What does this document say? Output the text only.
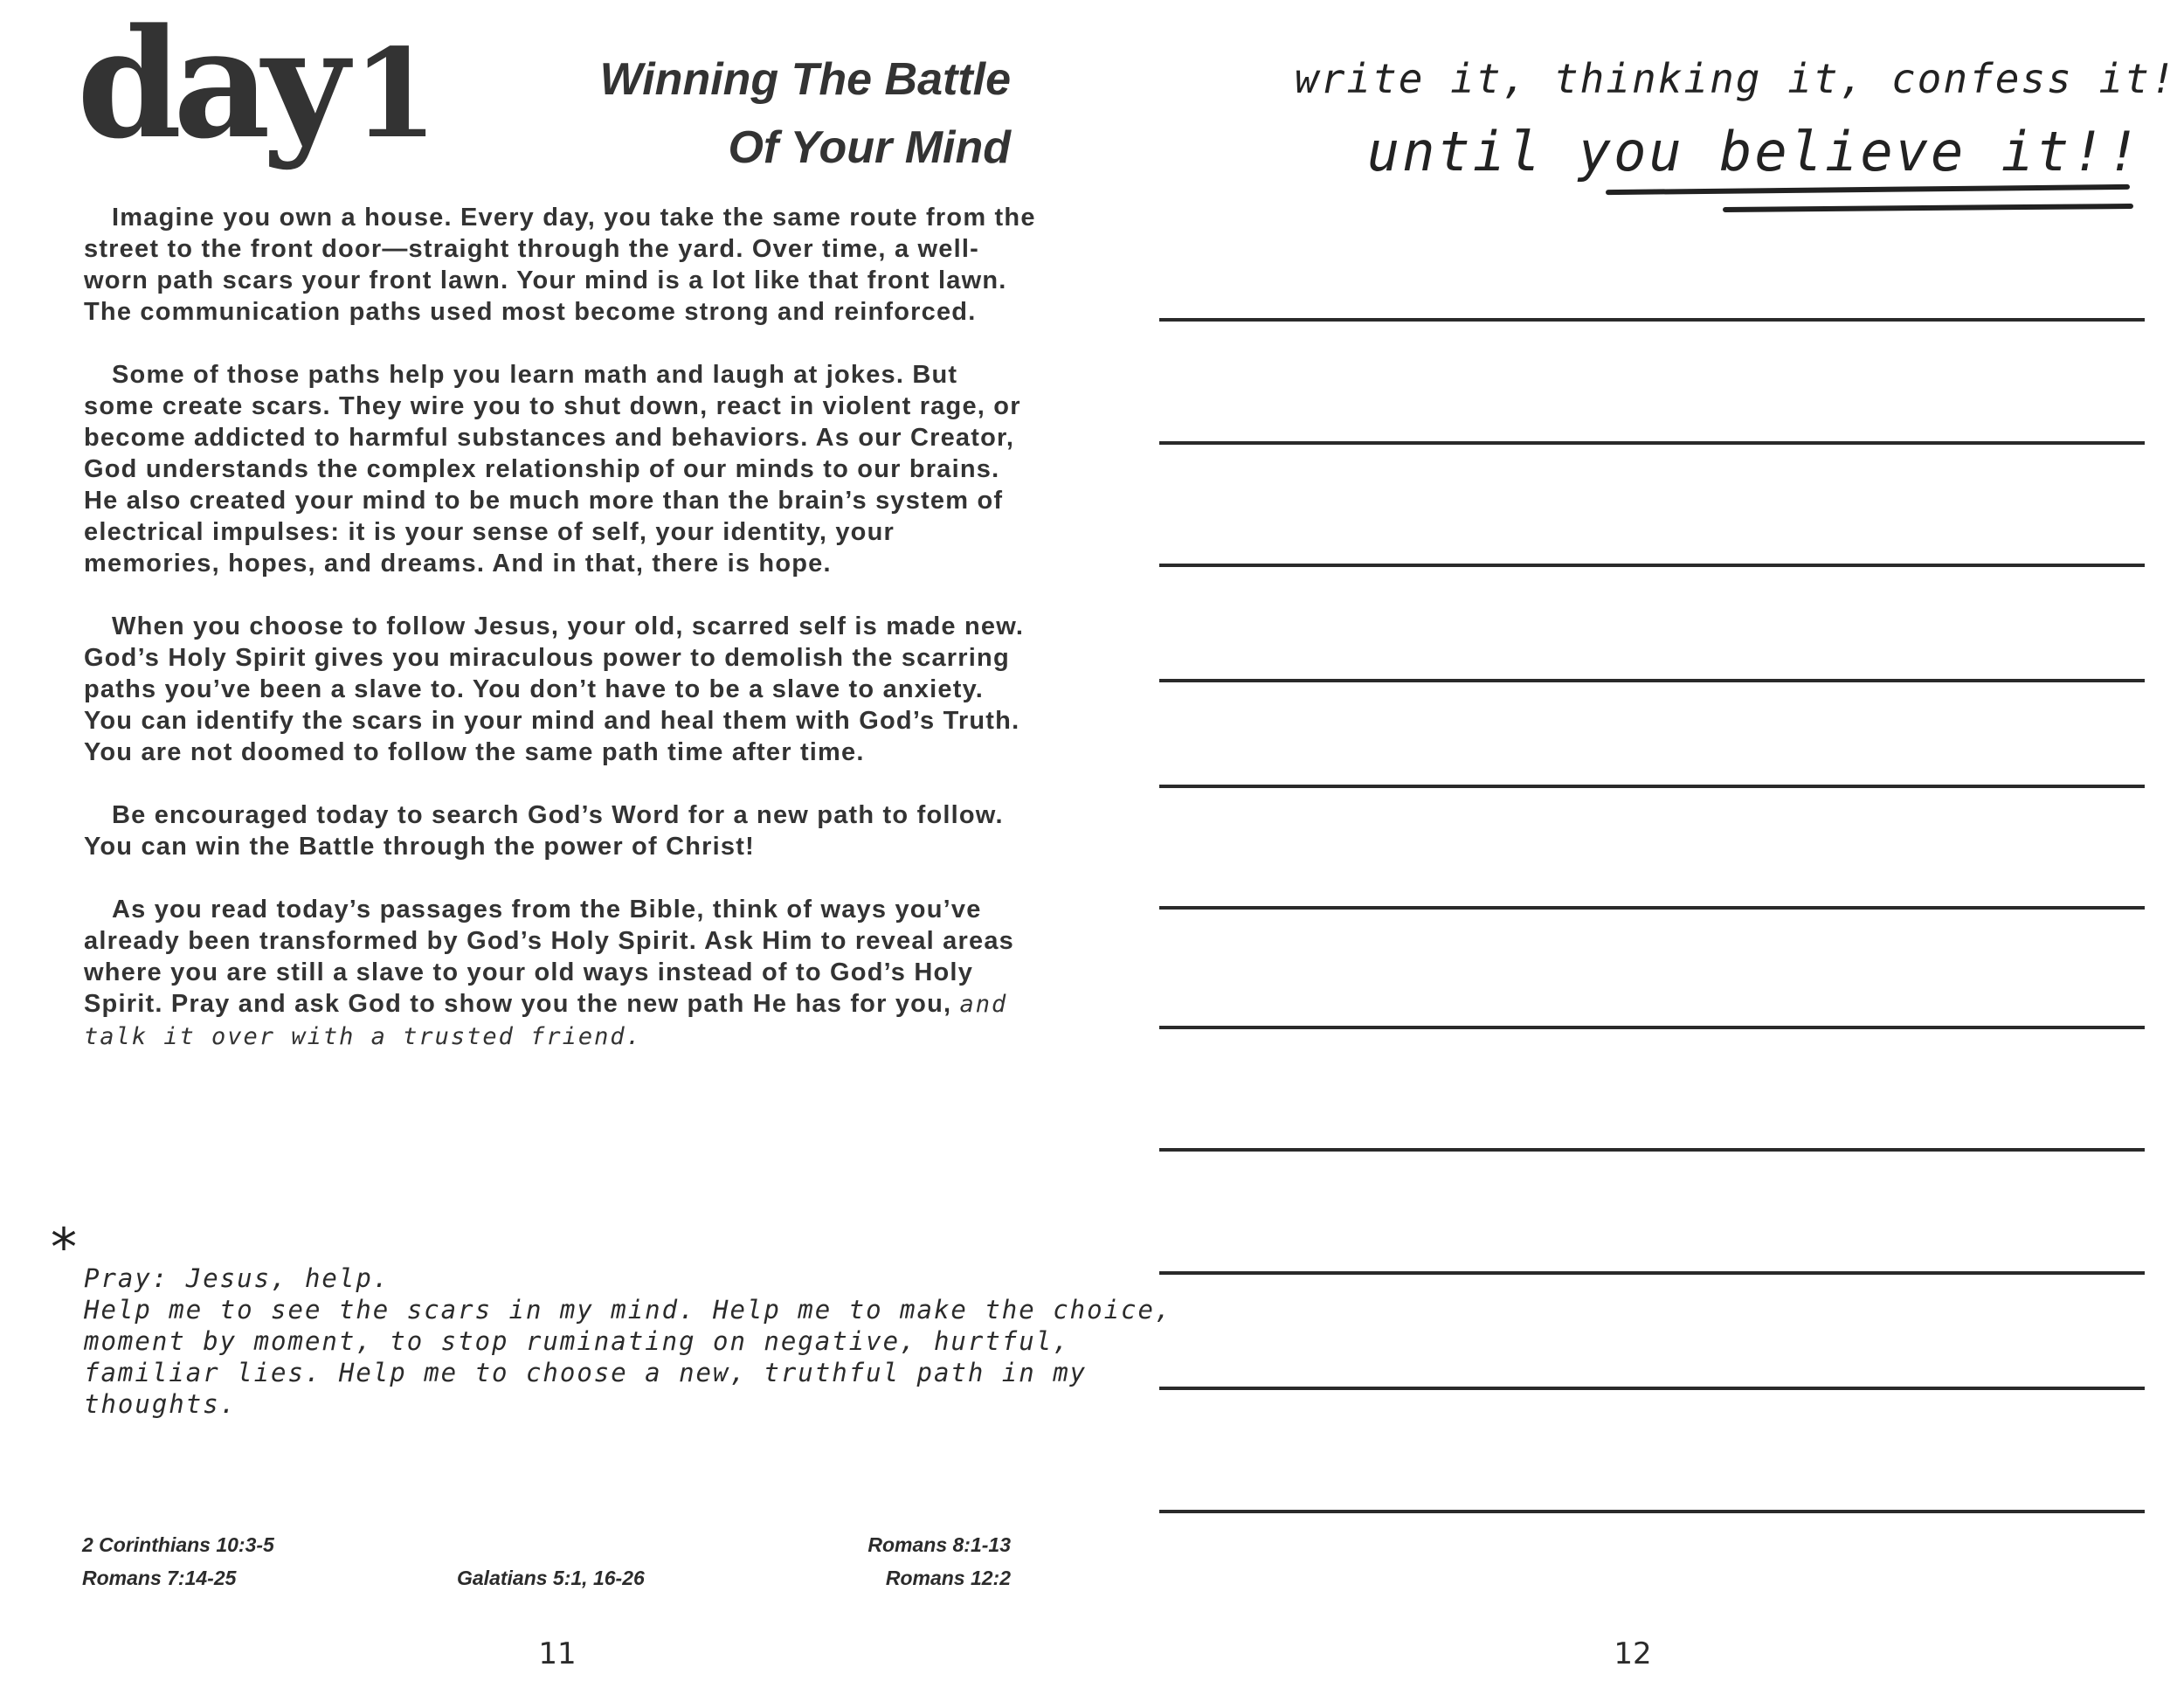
day 1	Winning The Battle
Of Your Mind

Imagine you own a house. Every day, you take the same route from the street to the front door—straight through the yard. Over time, a well-worn path scars your front lawn. Your mind is a lot like that front lawn. The communication paths used most become strong and reinforced.

Some of those paths help you learn math and laugh at jokes. But some create scars. They wire you to shut down, react in violent rage, or become addicted to harmful substances and behaviors. As our Creator, God understands the complex relationship of our minds to our brains. He also created your mind to be much more than the brain’s system of electrical impulses: it is your sense of self, your identity, your memories, hopes, and dreams. And in that, there is hope.

When you choose to follow Jesus, your old, scarred self is made new. God’s Holy Spirit gives you miraculous power to demolish the scarring paths you’ve been a slave to. You don’t have to be a slave to anxiety. You can identify the scars in your mind and heal them with God’s Truth. You are not doomed to follow the same path time after time.

Be encouraged today to search God’s Word for a new path to follow. You can win the Battle through the power of Christ!

As you read today’s passages from the Bible, think of ways you’ve already been transformed by God’s Holy Spirit. Ask Him to reveal areas where you are still a slave to your old ways instead of to God’s Holy Spirit. Pray and ask God to show you the new path He has for you, and talk it over with a trusted friend.

* Pray: Jesus, help.
Help me to see the scars in my mind. Help me to make the choice,
moment by moment, to stop ruminating on negative, hurtful,
familiar lies. Help me to choose a new, truthful path in my
thoughts.
2 Corinthians 10:3-5
Romans 7:14-25	Galatians 5:1, 16-26
Romans 8:1-13
Romans 12:2
11
write it, thinking it, confess it!
until you believe it!!
12
